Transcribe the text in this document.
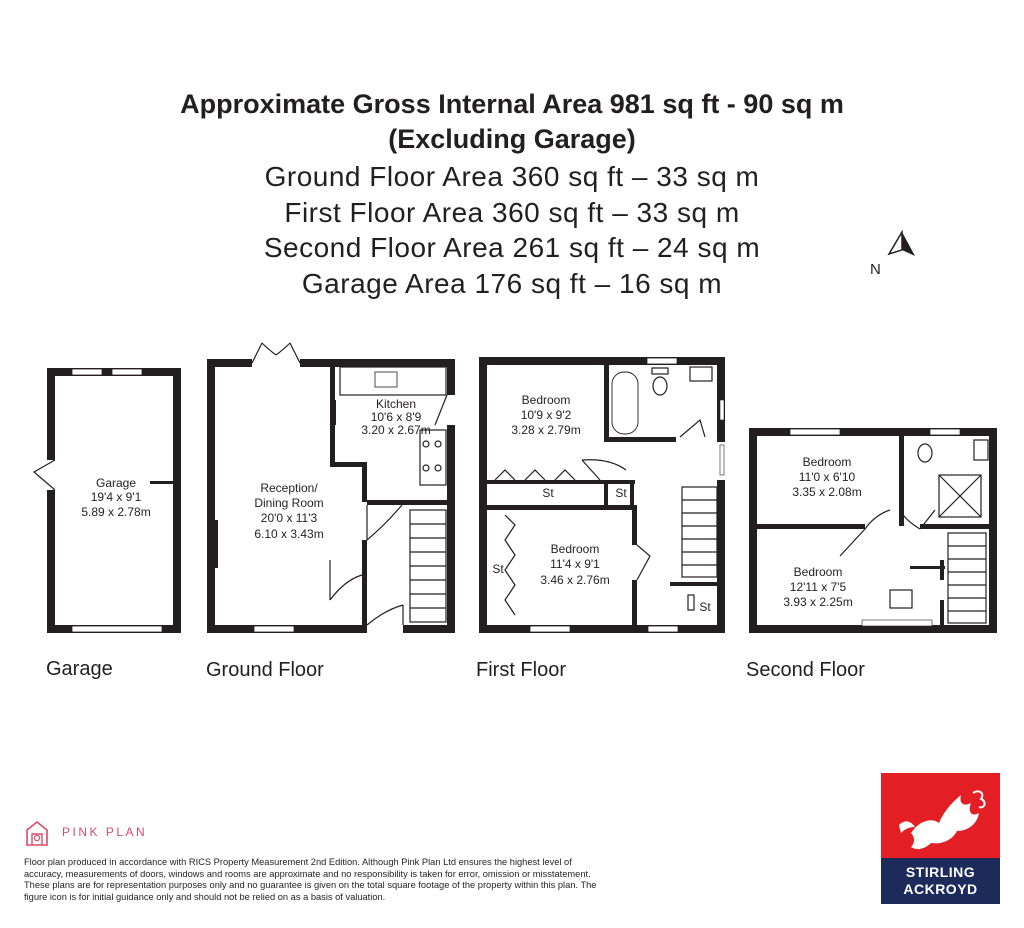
Approximate Gross Internal Area 981 sq ft - 90 sq m
(Excluding Garage)
Ground Floor Area 360 sq ft – 33 sq m
First Floor Area 360 sq ft – 33 sq m
Second Floor Area 261 sq ft – 24 sq m
Garage Area 176 sq ft – 16 sq m	N
Garage
19'4 x 9'1
5.89 x 2.78m
Reception/
Dining Room
20'0 x 11'3
6.10 x 3.43m
Kitchen
10'6 x 8'9
3.20 x 2.67m
Bedroom
10'9 x 9'2
3.28 x 2.79m
Bedroom
11'4 x 9'1
3.46 x 2.76m
St	St
St
St
Bedroom
11'0 x 6'10
3.35 x 2.08m
Bedroom
12'11 x 7'5
3.93 x 2.25m
Garage	Ground Floor	First Floor	Second Floor
PINK PLAN
Floor plan produced in accordance with RICS Property Measurement 2nd Edition. Although Pink Plan Ltd ensures the highest level of accuracy, measurements of doors, windows and rooms are approximate and no responsibility is taken for error, omission or misstatement. These plans are for representation purposes only and no guarantee is given on the total square footage of the property within this plan. The figure icon is for initial guidance only and should not be relied on as a basis of valuation.
STIRLING
ACKROYD
